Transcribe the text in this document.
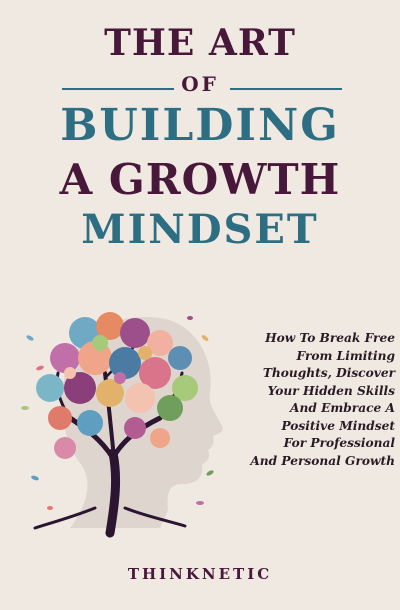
THE ART
OF
BUILDING
A GROWTH
MINDSET
How To Break Free
From Limiting
Thoughts, Discover
Your Hidden Skills
And Embrace A
Positive Mindset
For Professional
And Personal Growth
THINKNETIC
